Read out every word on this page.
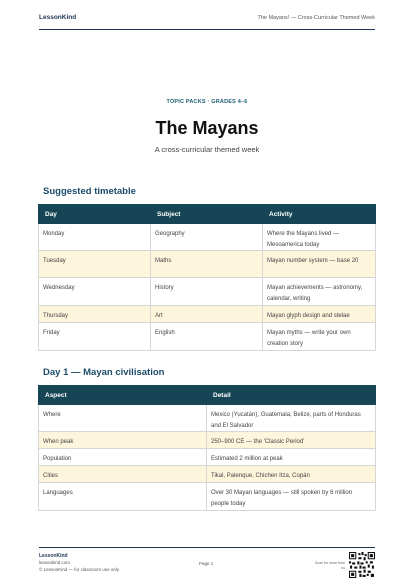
LessonKind	The Mayans! — Cross-Curricular Themed Week
TOPIC PACKS · GRADES 4–6
The Mayans
A cross-curricular themed week
Suggested timetable
Day	Subject	Activity
Monday	Geography	Where the Mayans lived — Mesoamerica today
Tuesday	Maths	Mayan number system — base 20
Wednesday	History	Mayan achievements — astronomy, calendar, writing
Thursday	Art	Mayan glyph design and stelae
Friday	English	Mayan myths — write your own creation story
Day 1 — Mayan civilisation
Aspect	Detail
Where	Mexico (Yucatán), Guatemala, Belize, parts of Honduras and El Salvador
When peak	250–900 CE — the 'Classic Period'
Population	Estimated 2 million at peak
Cities	Tikal, Palenque, Chichen Itza, Copán
Languages	Over 30 Mayan languages — still spoken by 6 million people today
LessonKind
lessonkind.com
© LessonKind — for classroom use only
Page 1	Scan for more from us
